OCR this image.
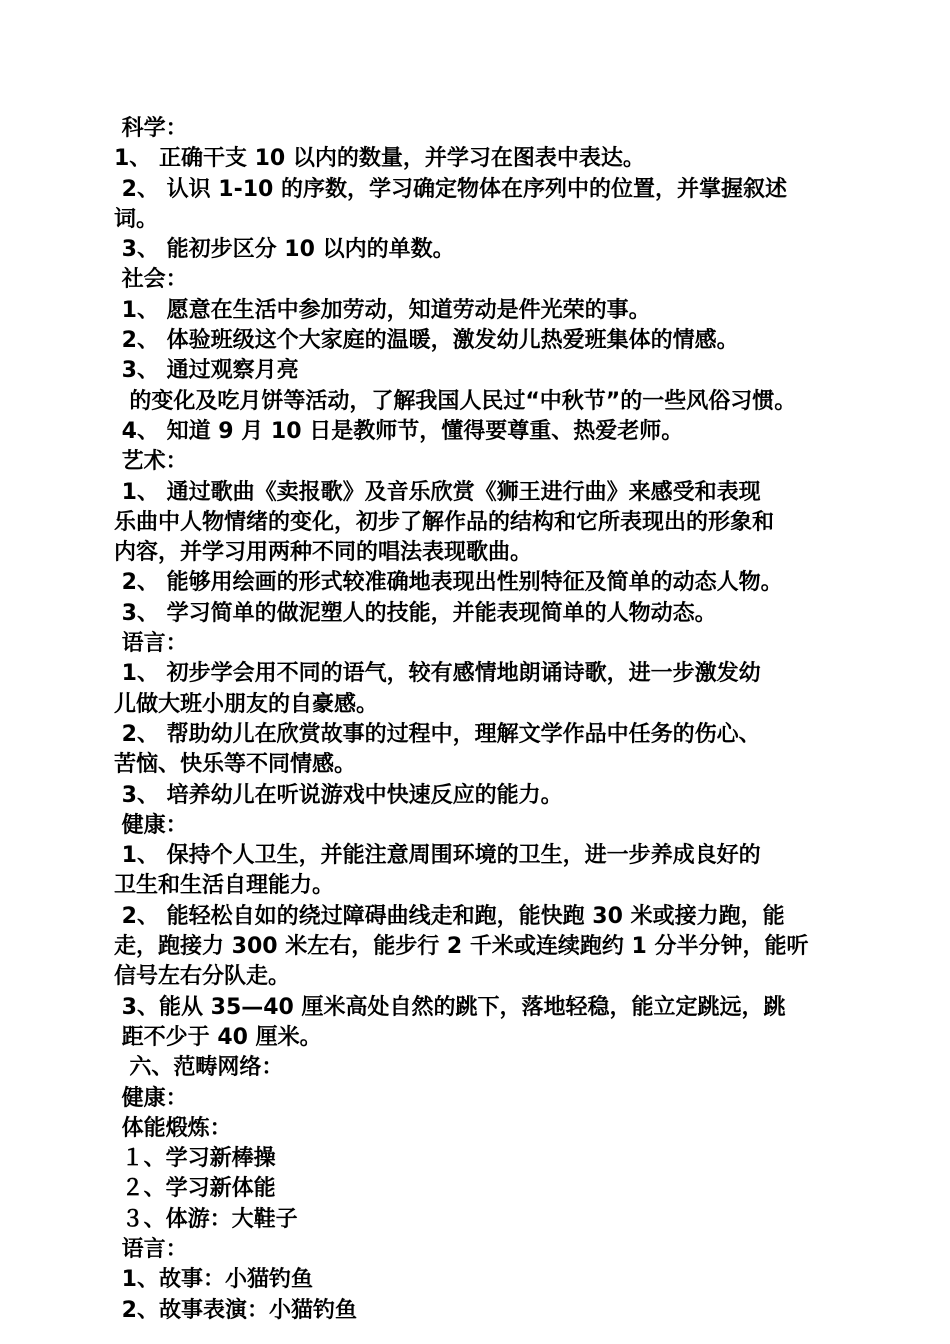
科学：
1、 正确干支 10 以内的数量，并学习在图表中表达。
2、 认识 1-10 的序数，学习确定物体在序列中的位置，并掌握叙述
词。
3、 能初步区分 10 以内的单数。
社会：
1、 愿意在生活中参加劳动，知道劳动是件光荣的事。
2、 体验班级这个大家庭的温暖，激发幼儿热爱班集体的情感。
3、 通过观察月亮
的变化及吃月饼等活动，了解我国人民过“中秋节”的一些风俗习惯。
4、 知道 9 月 10 日是教师节，懂得要尊重、热爱老师。
艺术：
1、 通过歌曲《卖报歌》及音乐欣赏《狮王进行曲》来感受和表现
乐曲中人物情绪的变化，初步了解作品的结构和它所表现出的形象和
内容，并学习用两种不同的唱法表现歌曲。
2、 能够用绘画的形式较准确地表现出性别特征及简单的动态人物。
3、 学习简单的做泥塑人的技能，并能表现简单的人物动态。
语言：
1、 初步学会用不同的语气，较有感情地朗诵诗歌，进一步激发幼
儿做大班小朋友的自豪感。
2、 帮助幼儿在欣赏故事的过程中，理解文学作品中任务的伤心、
苦恼、快乐等不同情感。
3、 培养幼儿在听说游戏中快速反应的能力。
健康：
1、 保持个人卫生，并能注意周围环境的卫生，进一步养成良好的
卫生和生活自理能力。
2、 能轻松自如的绕过障碍曲线走和跑，能快跑 30 米或接力跑，能
走，跑接力 300 米左右，能步行 2 千米或连续跑约 1 分半分钟，能听
信号左右分队走。
3、能从 35—40 厘米高处自然的跳下，落地轻稳，能立定跳远，跳
距不少于 40 厘米。
六、范畴网络：
健康：
体能煅炼：
１、学习新棒操
２、学习新体能
３、体游：大鞋子
语言：
1、故事：小猫钓鱼
2、故事表演：小猫钓鱼
